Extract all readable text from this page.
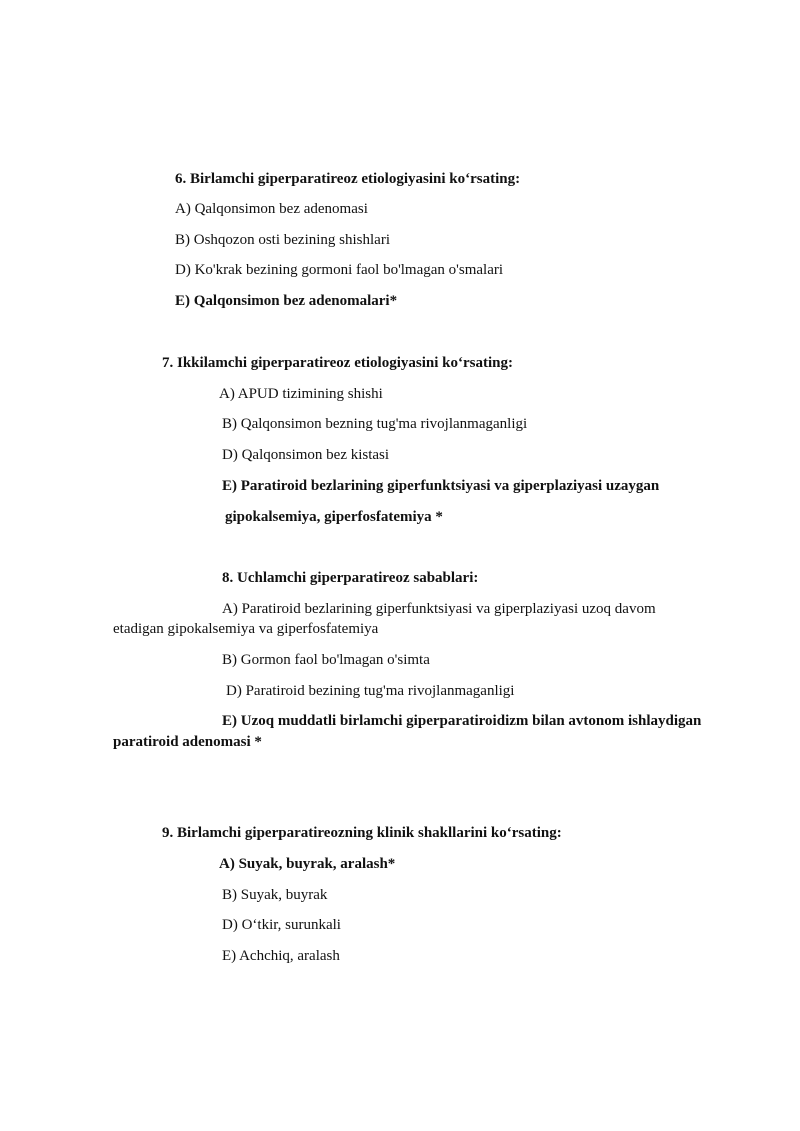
6. Birlamchi giperparatireoz etiologiyasini ko‘rsating:
A) Qalqonsimon bez adenomasi
B) Oshqozon osti bezining shishlari
D) Ko'krak bezining gormoni faol bo'lmagan o'smalari
E) Qalqonsimon bez adenomalari*
7. Ikkilamchi giperparatireoz etiologiyasini ko‘rsating:
A) APUD tizimining shishi
B) Qalqonsimon bezning tug'ma rivojlanmaganligi
D) Qalqonsimon bez kistasi
E) Paratiroid bezlarining giperfunktsiyasi va giperplaziyasi uzaygan
gipokalsemiya, giperfosfatemiya *
8. Uchlamchi giperparatireoz sabablari:
A) Paratiroid bezlarining giperfunktsiyasi va giperplaziyasi uzoq davom
etadigan gipokalsemiya va giperfosfatemiya
B) Gormon faol bo'lmagan o'simta
D) Paratiroid bezining tug'ma rivojlanmaganligi
E) Uzoq muddatli birlamchi giperparatiroidizm bilan avtonom ishlaydigan
paratiroid adenomasi *
9. Birlamchi giperparatireozning klinik shakllarini ko‘rsating:
A) Suyak, buyrak, aralash*
B) Suyak, buyrak
D) O‘tkir, surunkali
E) Achchiq, aralash
